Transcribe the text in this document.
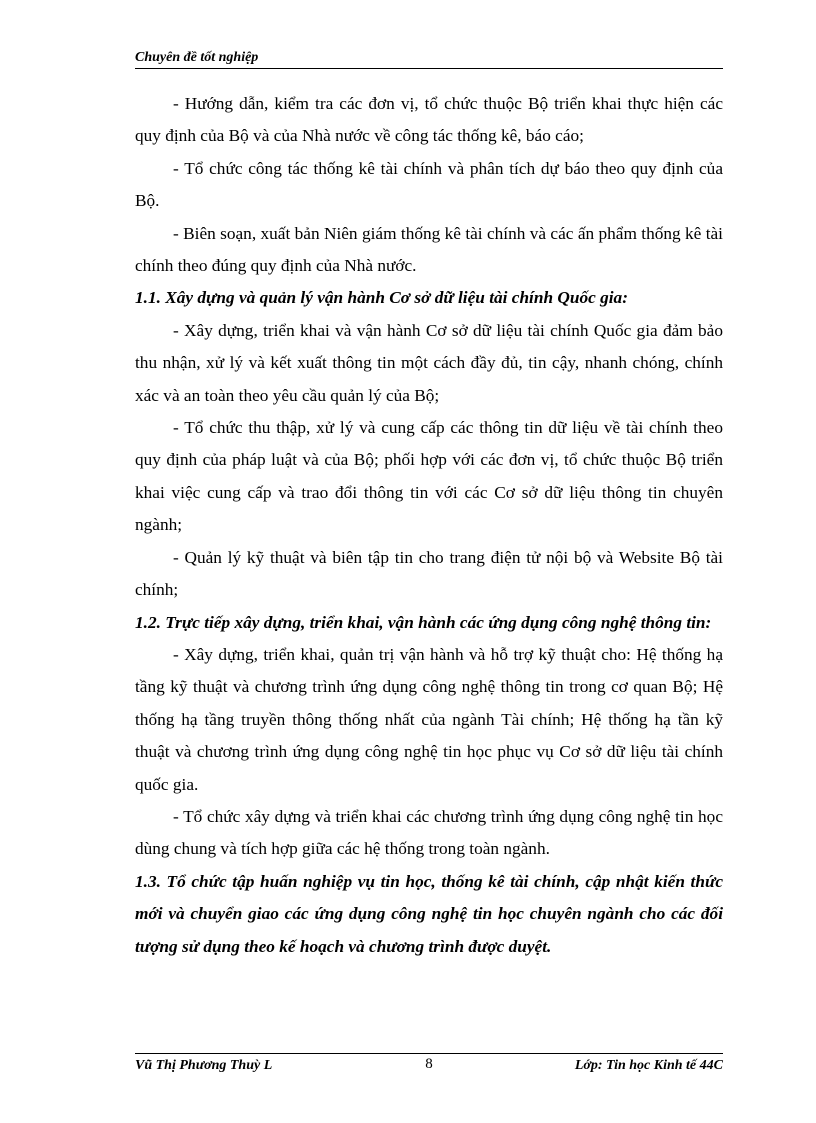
Chuyên đề tốt nghiệp

- Hướng dẫn, kiểm tra các đơn vị, tổ chức thuộc Bộ triển khai thực hiện các quy định của Bộ và của Nhà nước về công tác thống kê, báo cáo;

- Tổ chức công tác thống kê tài chính và phân tích dự báo theo quy định của Bộ.

- Biên soạn, xuất bản Niên giám thống kê tài chính và các ấn phẩm thống kê tài chính theo đúng quy định của Nhà nước.

1.1. Xây dựng và quản lý vận hành Cơ sở dữ liệu tài chính Quốc gia:

- Xây dựng, triển khai và vận hành Cơ sở dữ liệu tài chính Quốc gia đảm bảo thu nhận, xử lý và kết xuất thông tin một cách đầy đủ, tin cậy, nhanh chóng, chính xác và an toàn theo yêu cầu quản lý của Bộ;

- Tổ chức thu thập, xử lý và cung cấp các thông tin dữ liệu về tài chính theo quy định của pháp luật và của Bộ; phối hợp với các đơn vị, tổ chức thuộc Bộ triển khai việc cung cấp và trao đổi thông tin với các Cơ sở dữ liệu thông tin chuyên ngành;

- Quản lý kỹ thuật và biên tập tin cho trang điện tử nội bộ và Website Bộ tài chính;

1.2. Trực tiếp xây dựng, triển khai, vận hành các ứng dụng công nghệ thông tin:

- Xây dựng, triển khai, quản trị vận hành và hỗ trợ kỹ thuật cho: Hệ thống hạ tầng kỹ thuật và chương trình ứng dụng công nghệ thông tin trong cơ quan Bộ; Hệ thống hạ tầng truyền thông thống nhất của ngành Tài chính; Hệ thống hạ tần kỹ thuật và chương trình ứng dụng công nghệ tin học phục vụ Cơ sở dữ liệu tài chính quốc gia.

- Tổ chức xây dựng và triển khai các chương trình ứng dụng công nghệ tin học dùng chung và tích hợp giữa các hệ thống trong toàn ngành.

1.3. Tổ chức tập huấn nghiệp vụ tin học, thống kê tài chính, cập nhật kiến thức mới và chuyển giao các ứng dụng công nghệ tin học chuyên ngành cho các đối tượng sử dụng theo kế hoạch và chương trình được duyệt.

Vũ Thị Phương Thuỳ L	8	Lớp: Tin học Kinh tế 44C
